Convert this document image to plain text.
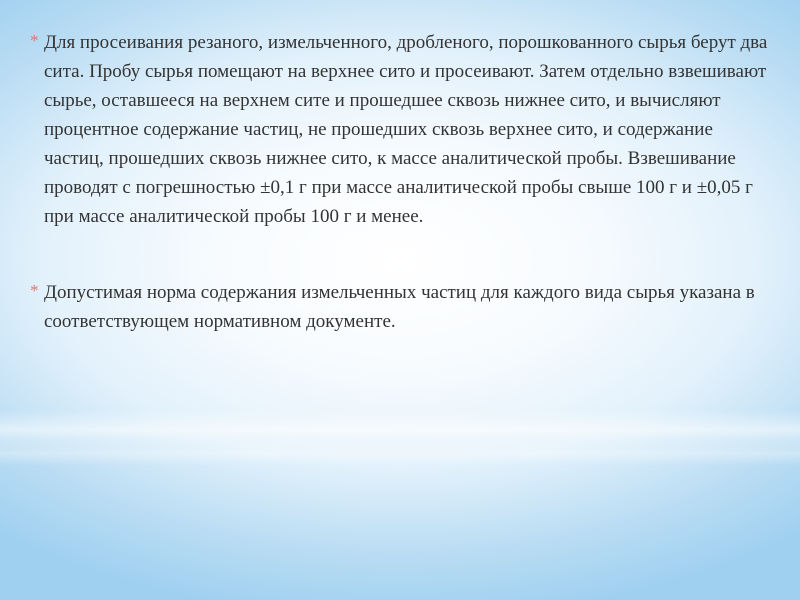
* Для просеивания резаного, измельченного, дробленого, порошкованного сырья берут два сита. Пробу сырья помещают на верхнее сито и просеивают. Затем отдельно взвешивают сырье, оставшееся на верхнем сите и прошедшее сквозь нижнее сито, и вычисляют процентное содержание частиц, не прошедших сквозь верхнее сито, и содержание частиц, прошедших сквозь нижнее сито, к массе аналитической пробы. Взвешивание проводят с погрешностью ±0,1 г при массе аналитической пробы свыше 100 г и ±0,05 г при массе аналитической пробы 100 г и менее.
* Допустимая норма содержания измельченных частиц для каждого вида сырья указана в соответствующем нормативном документе.
